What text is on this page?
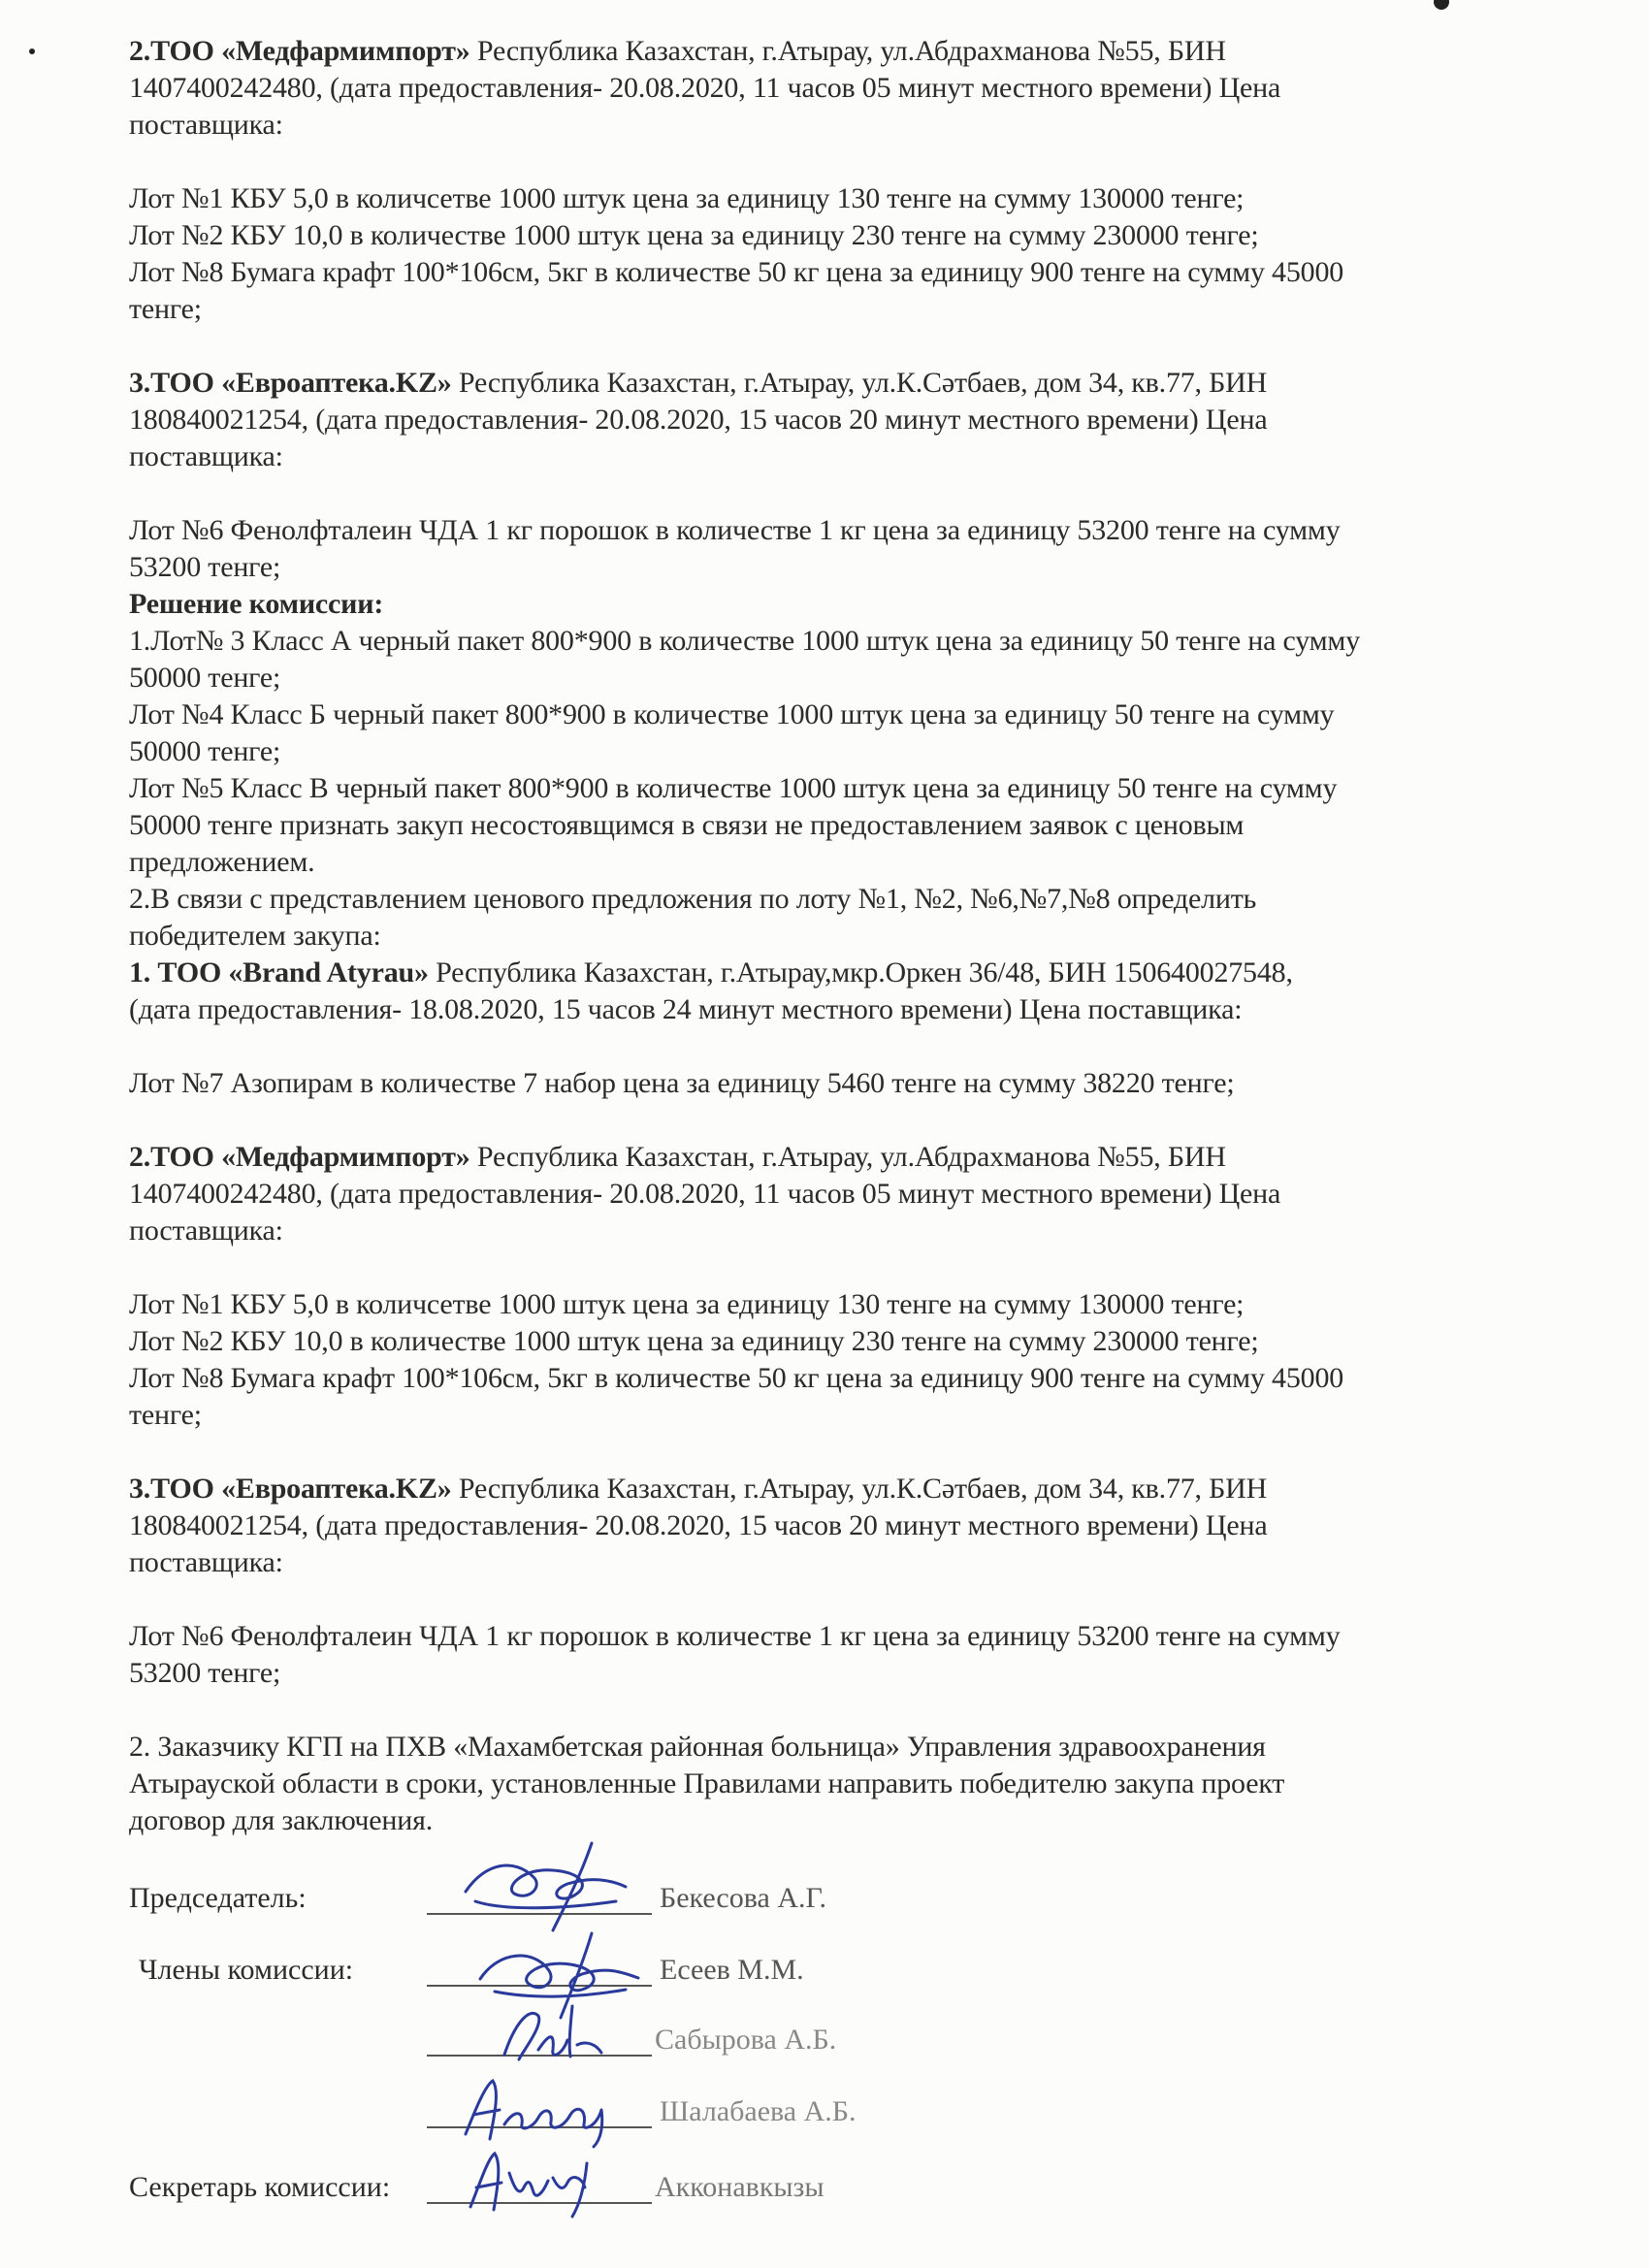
2.ТОО «Медфармимпорт» Республика Казахстан, г.Атырау, ул.Абдрахманова №55, БИН

1407400242480, (дата предоставления- 20.08.2020, 11 часов 05 минут местного времени) Цена

поставщика:

Лот №1 КБУ 5,0 в количсетве 1000 штук цена за единицу 130 тенге на сумму 130000 тенге;

Лот №2 КБУ 10,0 в количестве 1000 штук цена за единицу 230 тенге на сумму 230000 тенге;

Лот №8 Бумага крафт 100*106см, 5кг в количестве 50 кг цена за единицу 900 тенге на сумму 45000

тенге;

3.ТОО «Евроаптека.KZ» Республика Казахстан, г.Атырау, ул.К.Сәтбаев, дом 34, кв.77, БИН

180840021254, (дата предоставления- 20.08.2020, 15 часов 20 минут местного времени) Цена

поставщика:

Лот №6 Фенолфталеин ЧДА 1 кг порошок в количестве 1 кг цена за единицу 53200 тенге на сумму

53200 тенге;

Решение комиссии:

1.Лот№ 3 Класс А черный пакет 800*900 в количестве 1000 штук цена за единицу 50 тенге на сумму

50000 тенге;

Лот №4 Класс Б черный пакет 800*900 в количестве 1000 штук цена за единицу 50 тенге на сумму

50000 тенге;

Лот №5 Класс В черный пакет 800*900 в количестве 1000 штук цена за единицу 50 тенге на сумму

50000 тенге признать закуп несостоявщимся в связи не предоставлением заявок с ценовым

предложением.

2.В связи с представлением ценового предложения по лоту №1, №2, №6,№7,№8 определить

победителем закупа:

1. ТОО «Brand Atyrau» Республика Казахстан, г.Атырау,мкр.Оркен 36/48, БИН 150640027548,

(дата предоставления- 18.08.2020, 15 часов 24 минут местного времени) Цена поставщика:

Лот №7 Азопирам в количестве 7 набор цена за единицу 5460 тенге на сумму 38220 тенге;

2.ТОО «Медфармимпорт» Республика Казахстан, г.Атырау, ул.Абдрахманова №55, БИН

1407400242480, (дата предоставления- 20.08.2020, 11 часов 05 минут местного времени) Цена

поставщика:

Лот №1 КБУ 5,0 в количсетве 1000 штук цена за единицу 130 тенге на сумму 130000 тенге;

Лот №2 КБУ 10,0 в количестве 1000 штук цена за единицу 230 тенге на сумму 230000 тенге;

Лот №8 Бумага крафт 100*106см, 5кг в количестве 50 кг цена за единицу 900 тенге на сумму 45000

тенге;

3.ТОО «Евроаптека.KZ» Республика Казахстан, г.Атырау, ул.К.Сәтбаев, дом 34, кв.77, БИН

180840021254, (дата предоставления- 20.08.2020, 15 часов 20 минут местного времени) Цена

поставщика:

Лот №6 Фенолфталеин ЧДА 1 кг порошок в количестве 1 кг цена за единицу 53200 тенге на сумму

53200 тенге;

2. Заказчику КГП на ПХВ «Махамбетская районная больница» Управления здравоохранения

Атырауской области в сроки, установленные Правилами направить победителю закупа проект

договор для заключения.

Председатель:	Бекесова А.Г.

Члены комиссии:	Есеев М.М.

Сабырова А.Б.

Шалабаева А.Б.

Секретарь комиссии:	Акконавкызы
